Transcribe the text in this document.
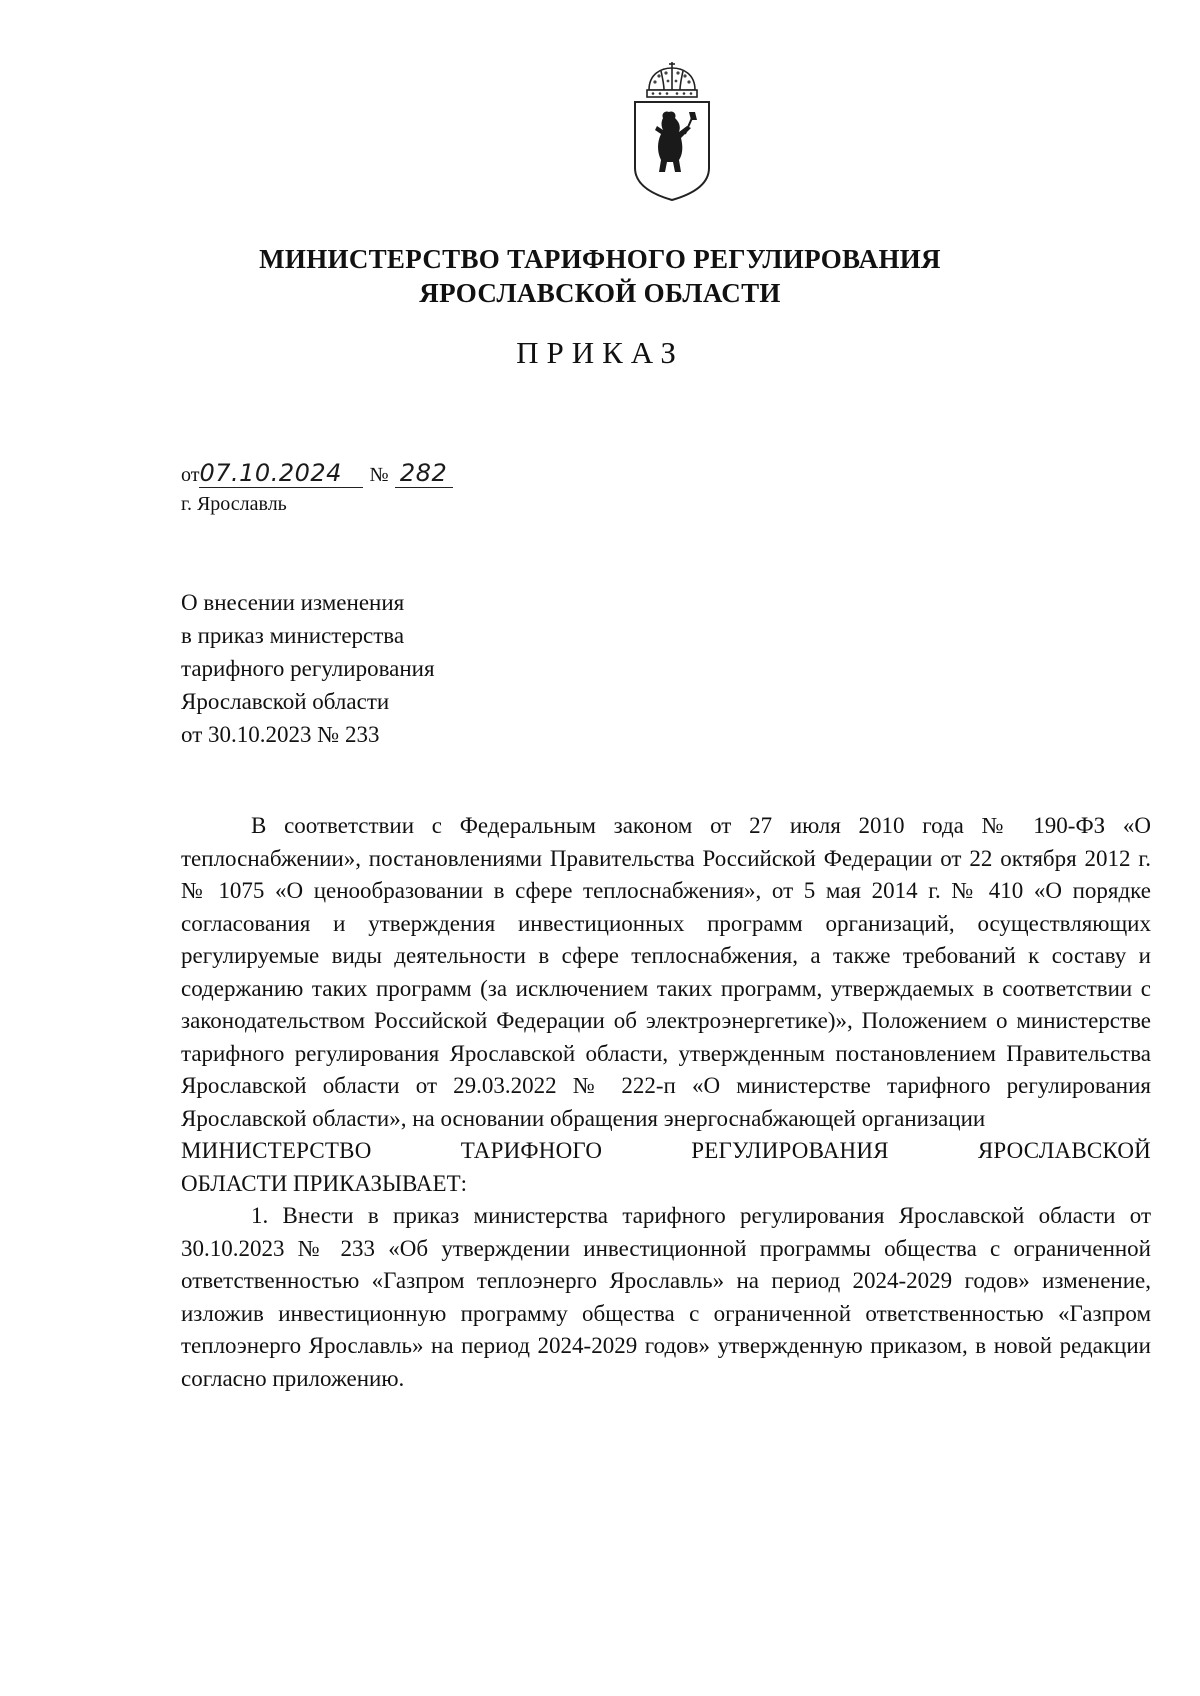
МИНИСТЕРСТВО ТАРИФНОГО РЕГУЛИРОВАНИЯ
ЯРОСЛАВСКОЙ ОБЛАСТИ
ПРИКАЗ
от07.10.2024 № 282
г. Ярославль
О внесении изменения
в приказ министерства
тарифного регулирования
Ярославской области
от 30.10.2023 № 233

В соответствии с Федеральным законом от 27 июля 2010 года № 190-ФЗ «О теплоснабжении», постановлениями Правительства Российской Федерации от 22 октября 2012 г. № 1075 «О ценообразовании в сфере теплоснабжения», от 5 мая 2014 г. № 410 «О порядке согласования и утверждения инвестиционных программ организаций, осуществляющих регулируемые виды деятельности в сфере теплоснабжения, а также требований к составу и содержанию таких программ (за исключением таких программ, утверждаемых в соответствии с законодательством Российской Федерации об электроэнергетике)», Положением о министерстве тарифного регулирования Ярославской области, утвержденным постановлением Правительства Ярославской области от 29.03.2022 № 222-п «О министерстве тарифного регулирования Ярославской области», на основании обращения энергоснабжающей организации

МИНИСТЕРСТВО ТАРИФНОГО РЕГУЛИРОВАНИЯ ЯРОСЛАВСКОЙ

ОБЛАСТИ ПРИКАЗЫВАЕТ:

1. Внести в приказ министерства тарифного регулирования Ярославской области от 30.10.2023 № 233 «Об утверждении инвестиционной программы общества с ограниченной ответственностью «Газпром теплоэнерго Ярославль» на период 2024-2029 годов» изменение, изложив инвестиционную программу общества с ограниченной ответственностью «Газпром теплоэнерго Ярославль» на период 2024-2029 годов» утвержденную приказом, в новой редакции согласно приложению.
